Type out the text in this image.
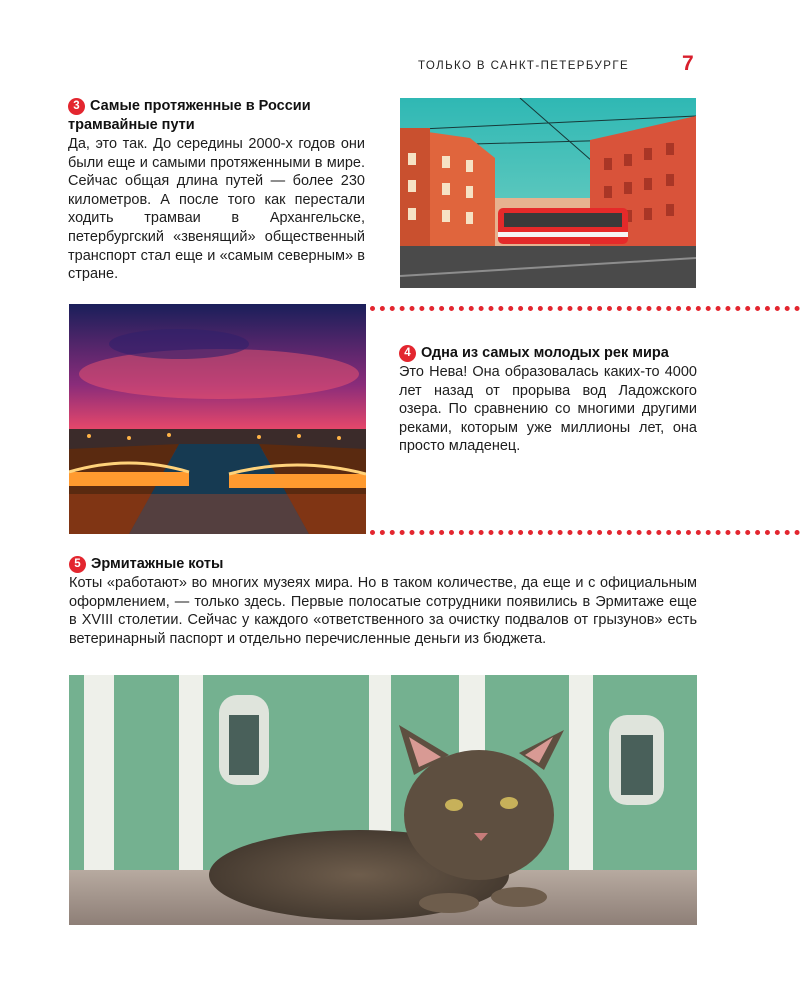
ТОЛЬКО В САНКТ-ПЕТЕРБУРГЕ	7
3 Самые протяженные в России трамвайные пути
Да, это так. До середины 2000-х годов они были еще и самыми протяженными в мире. Сейчас общая длина путей — более 230 километров. А после того как перестали ходить трамваи в Архангельске, петербургский «звенящий» общественный транспорт стал еще и «самым северным» в стране.
4 Одна из самых молодых рек мира
Это Нева! Она образовалась каких-то 4000 лет назад от прорыва вод Ладожского озера. По сравнению со многими другими реками, которым уже миллионы лет, она просто младенец.
5 Эрмитажные коты
Коты «работают» во многих музеях мира. Но в таком количестве, да еще и с официальным оформлением, — только здесь. Первые полосатые сотрудники появились в Эрмитаже еще в XVIII столетии. Сейчас у каждого «ответственного за очистку подвалов от грызунов» есть ветеринарный паспорт и отдельно перечисленные деньги из бюджета.
